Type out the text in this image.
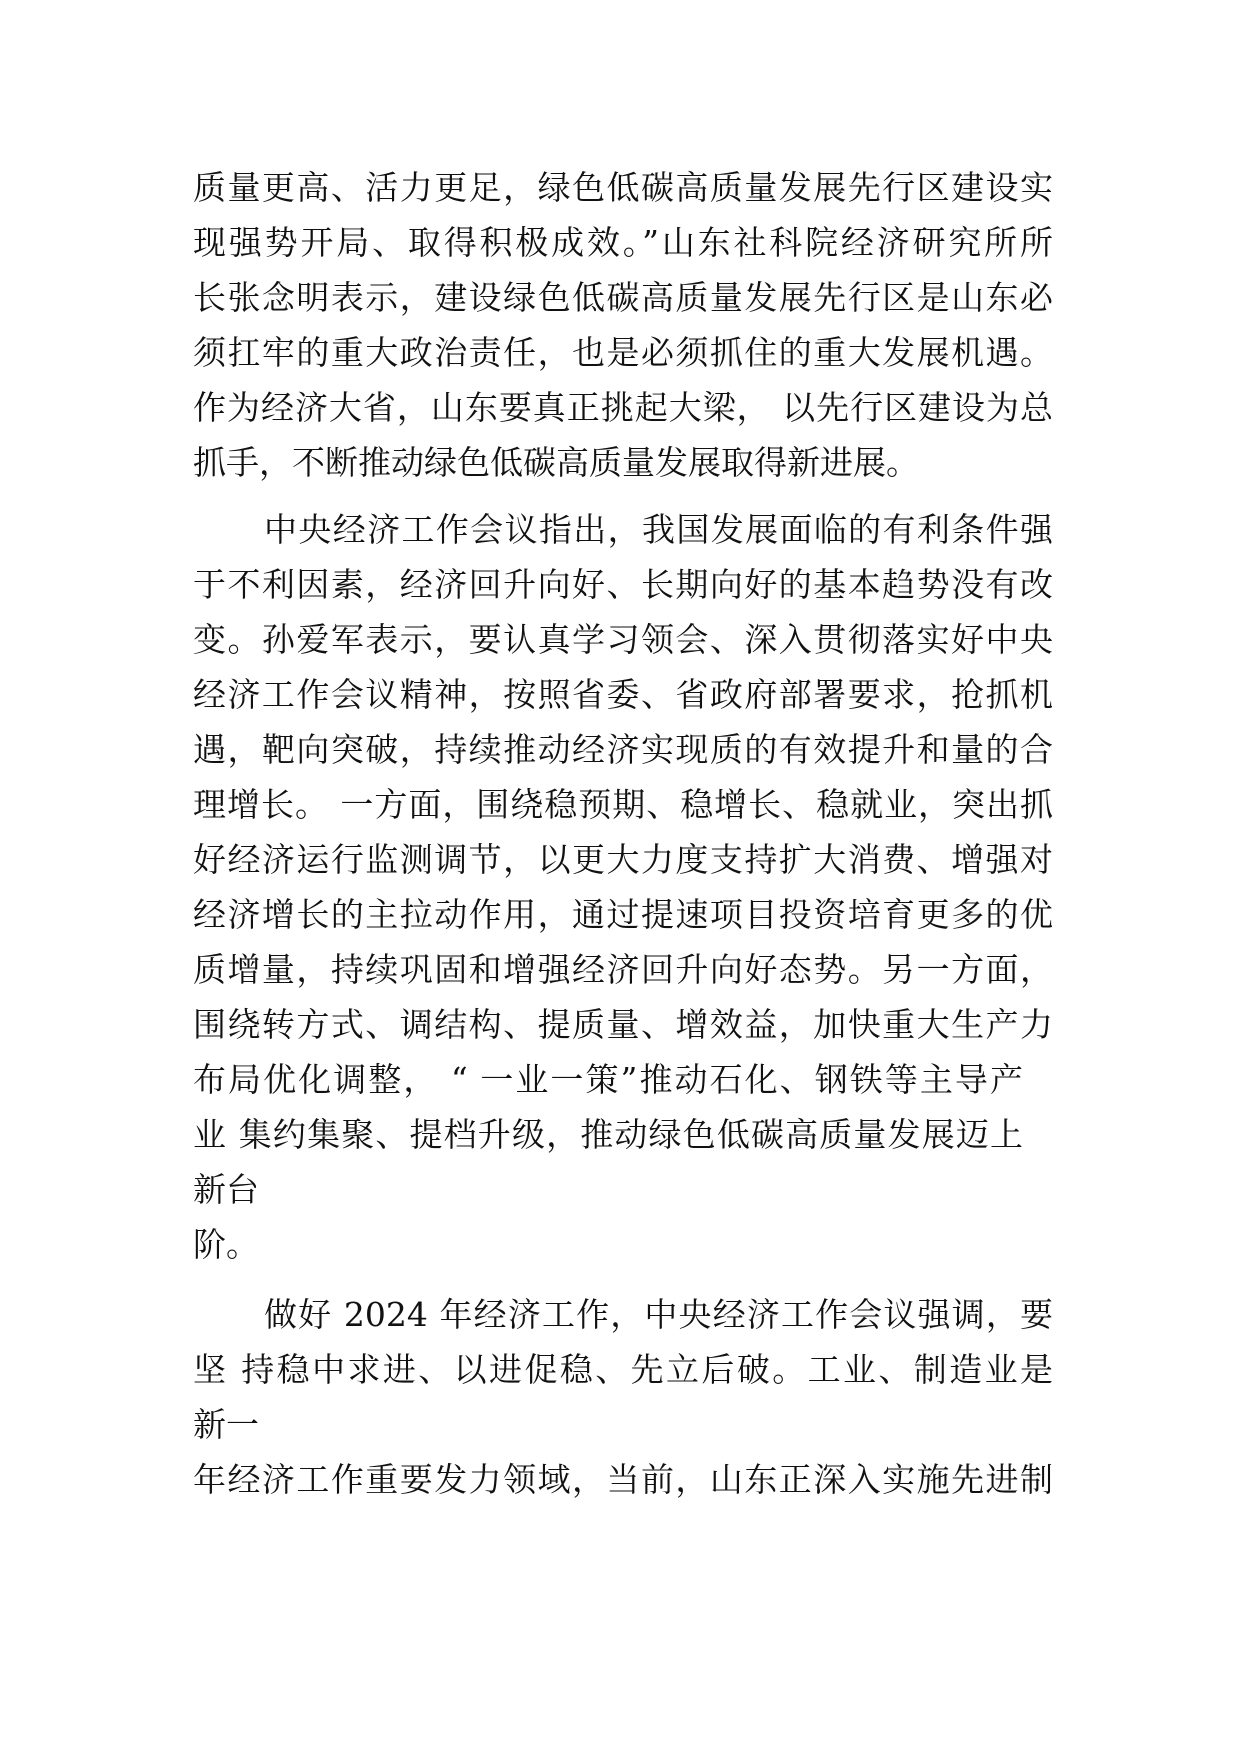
质量更高、活力更足，绿色低碳高质量发展先行区建设实
现强势开局、取得积极成效。”山东社科院经济研究所所
长张念明表示，建设绿色低碳高质量发展先行区是山东必
须扛牢的重大政治责任，也是必须抓住的重大发展机遇。
作为经济大省，山东要真正挑起大梁， 以先行区建设为总
抓手，不断推动绿色低碳高质量发展取得新进展。
中央经济工作会议指出，我国发展面临的有利条件强
于不利因素，经济回升向好、长期向好的基本趋势没有改
变。孙爱军表示，要认真学习领会、深入贯彻落实好中央
经济工作会议精神，按照省委、省政府部署要求，抢抓机
遇，靶向突破，持续推动经济实现质的有效提升和量的合
理增长。 一方面，围绕稳预期、稳增长、稳就业，突出抓
好经济运行监测调节，以更大力度支持扩大消费、增强对
经济增长的主拉动作用，通过提速项目投资培育更多的优
质增量，持续巩固和增强经济回升向好态势。另一方面，
围绕转方式、调结构、提质量、增效益，加快重大生产力
布局优化调整， “ 一业一策”推动石化、钢铁等主导产
业 集约集聚、提档升级，推动绿色低碳高质量发展迈上
新台
阶。
做好 2024 年经济工作，中央经济工作会议强调，要
坚 持稳中求进、以进促稳、先立后破。工业、制造业是
新一
年经济工作重要发力领域，当前，山东正深入实施先进制
